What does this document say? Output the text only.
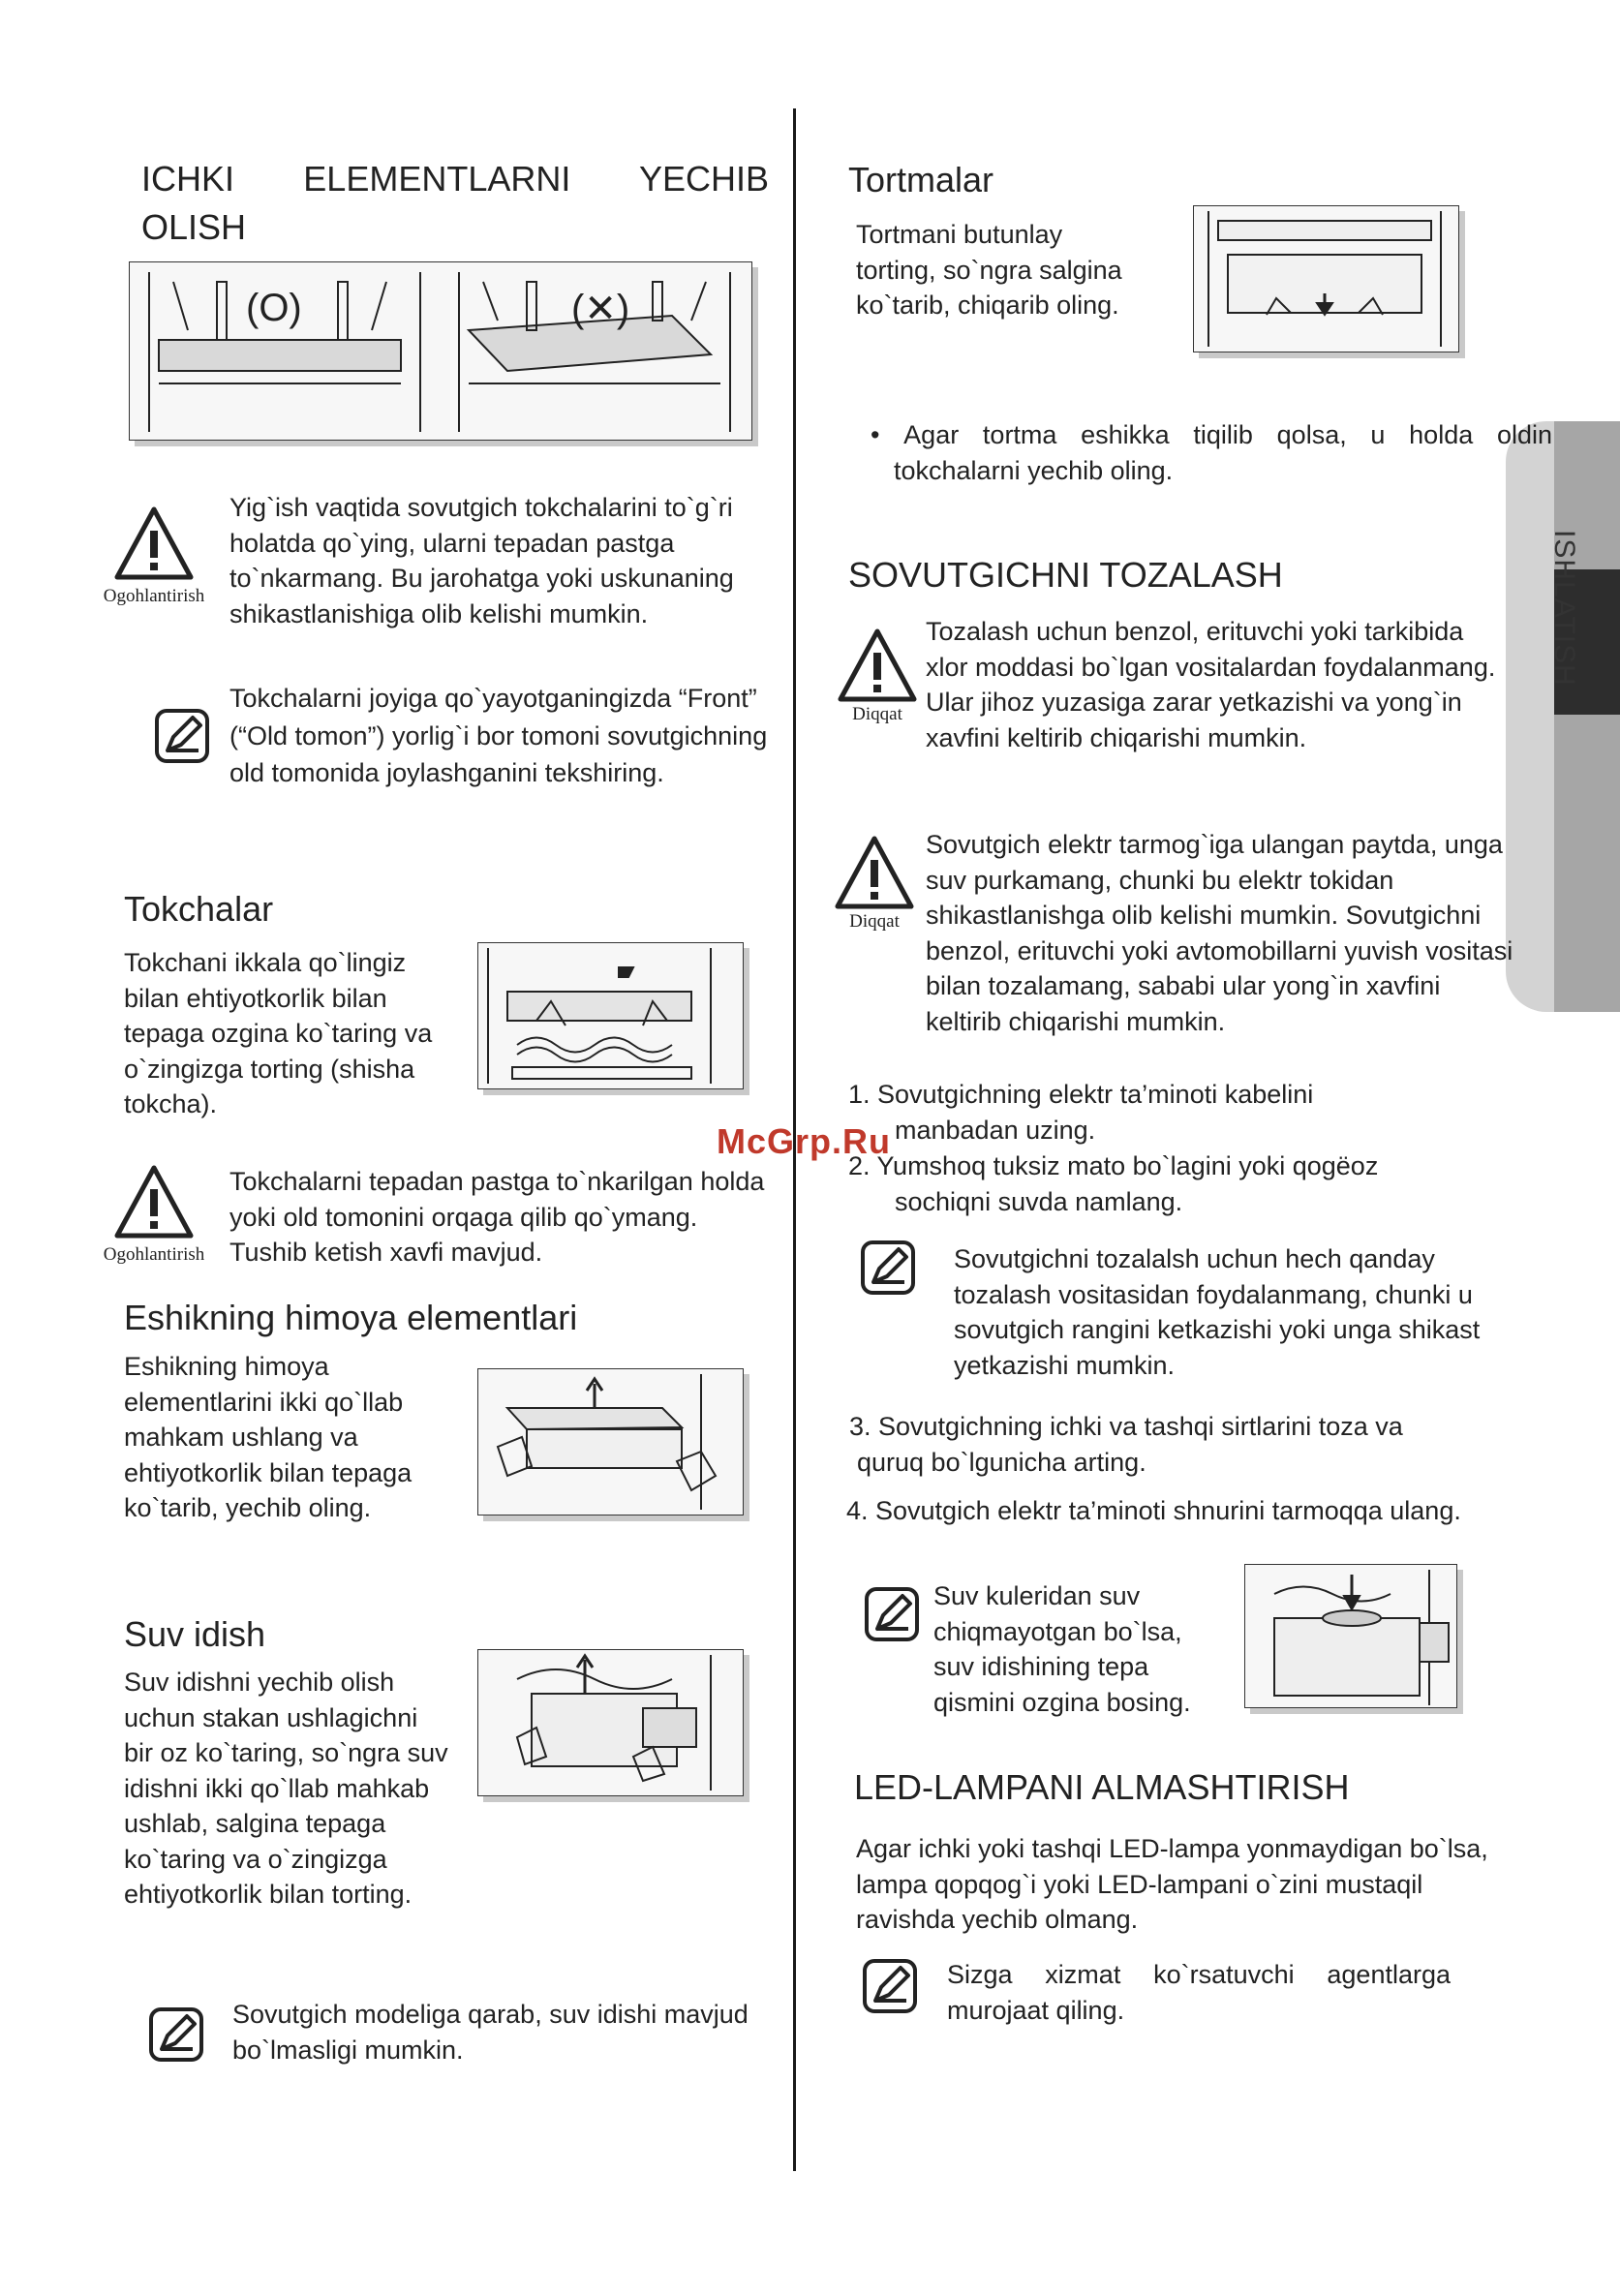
ISHLATISH
ICHKI ELEMENTLARNI YECHIB OLISH
(O)	(✕)
Ogohlantirish
Yig`ish vaqtida sovutgich tokchalarini to`g`ri holatda qo`ying, ularni tepadan pastga to`nkarmang. Bu jarohatga yoki uskunaning shikastlanishiga olib kelishi mumkin.
Tokchalarni joyiga qo`yayotganingizda “Front” (“Old tomon”) yorlig`i bor tomoni sovutgichning old tomonida joylashganini tekshiring.
Tokchalar
Tokchani ikkala qo`lingiz bilan ehtiyotkorlik bilan tepaga ozgina ko`taring va o`zingizga torting (shisha tokcha).
Ogohlantirish
Tokchalarni tepadan pastga to`nkarilgan holda yoki old tomonini orqaga qilib qo`ymang. Tushib ketish xavfi mavjud.
Eshikning himoya elementlari
Eshikning himoya elementlarini ikki qo`llab mahkam ushlang va ehtiyotkorlik bilan tepaga ko`tarib, yechib oling.
Suv idish
Suv idishni yechib olish uchun stakan ushlagichni bir oz ko`taring, so`ngra suv idishni ikki qo`llab mahkab ushlab, salgina tepaga ko`taring va o`zingizga ehtiyotkorlik bilan torting.
Sovutgich modeliga qarab, suv idishi mavjud bo`lmasligi mumkin.
Tortmalar
Tortmani butunlay torting, so`ngra salgina ko`tarib, chiqarib oling.
• Agar tortma eshikka tiqilib qolsa, u holda oldin tokchalarni yechib oling.
SOVUTGICHNI TOZALASH
Diqqat
Tozalash uchun benzol, erituvchi yoki tarkibida xlor moddasi bo`lgan vositalardan foydalanmang. Ular jihoz yuzasiga zarar yetkazishi va yong`in xavfini keltirib chiqarishi mumkin.
Diqqat
Sovutgich elektr tarmog`iga ulangan paytda, unga suv purkamang, chunki bu elektr tokidan shikastlanishga olib kelishi mumkin. Sovutgichni benzol, erituvchi yoki avtomobillarni yuvish vositasi bilan tozalamang, sababi ular yong`in xavfini keltirib chiqarishi mumkin.
1. Sovutgichning elektr ta’minoti kabelini manbadan uzing.
2. Yumshoq tuksiz mato bo`lagini yoki qogëoz sochiqni suvda namlang.
Sovutgichni tozalalsh uchun hech qanday tozalash vositasidan foydalanmang, chunki u sovutgich rangini ketkazishi yoki unga shikast yetkazishi mumkin.
3. Sovutgichning ichki va tashqi sirtlarini toza va quruq bo`lgunicha arting.
4. Sovutgich elektr ta’minoti shnurini tarmoqqa ulang.
Suv kuleridan suv chiqmayotgan bo`lsa, suv idishining tepa qismini ozgina bosing.
LED-LAMPANI ALMASHTIRISH
Agar ichki yoki tashqi LED-lampa yonmaydigan bo`lsa, lampa qopqog`i yoki LED-lampani o`zini mustaqil ravishda yechib olmang.
Sizga xizmat ko`rsatuvchi agentlarga murojaat qiling.
McGrp.Ru
